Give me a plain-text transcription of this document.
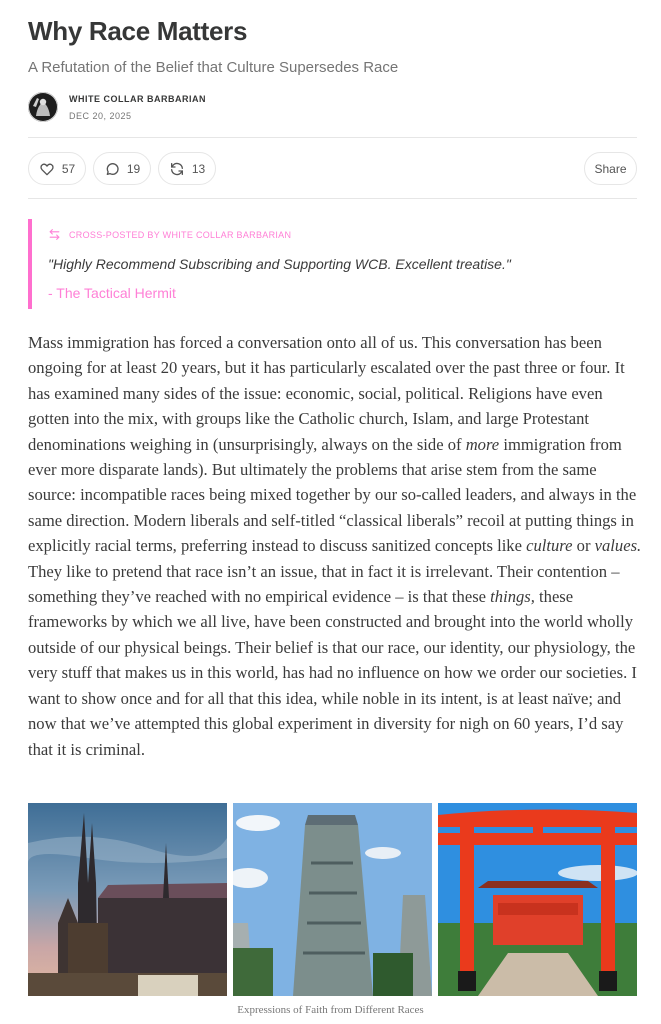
Why Race Matters
A Refutation of the Belief that Culture Supersedes Race
WHITE COLLAR BARBARIAN
DEC 20, 2025
57	19	13	Share
CROSS-POSTED BY WHITE COLLAR BARBARIAN
"Highly Recommend Subscribing and Supporting WCB. Excellent treatise."
- The Tactical Hermit
Mass immigration has forced a conversation onto all of us. This conversation has been ongoing for at least 20 years, but it has particularly escalated over the past three or four. It has examined many sides of the issue: economic, social, political. Religions have even gotten into the mix, with groups like the Catholic church, Islam, and large Protestant denominations weighing in (unsurprisingly, always on the side of more immigration from ever more disparate lands). But ultimately the problems that arise stem from the same source: incompatible races being mixed together by our so-called leaders, and always in the same direction. Modern liberals and self-titled “classical liberals” recoil at putting things in explicitly racial terms, preferring instead to discuss sanitized concepts like culture or values. They like to pretend that race isn’t an issue, that in fact it is irrelevant. Their contention – something they’ve reached with no empirical evidence – is that these things, these frameworks by which we all live, have been constructed and brought into the world wholly outside of our physical beings. Their belief is that our race, our identity, our physiology, the very stuff that makes us in this world, has had no influence on how we order our societies. I want to show once and for all that this idea, while noble in its intent, is at least naïve; and now that we’ve attempted this global experiment in diversity for nigh on 60 years, I’d say that it is criminal.
Expressions of Faith from Different Races
